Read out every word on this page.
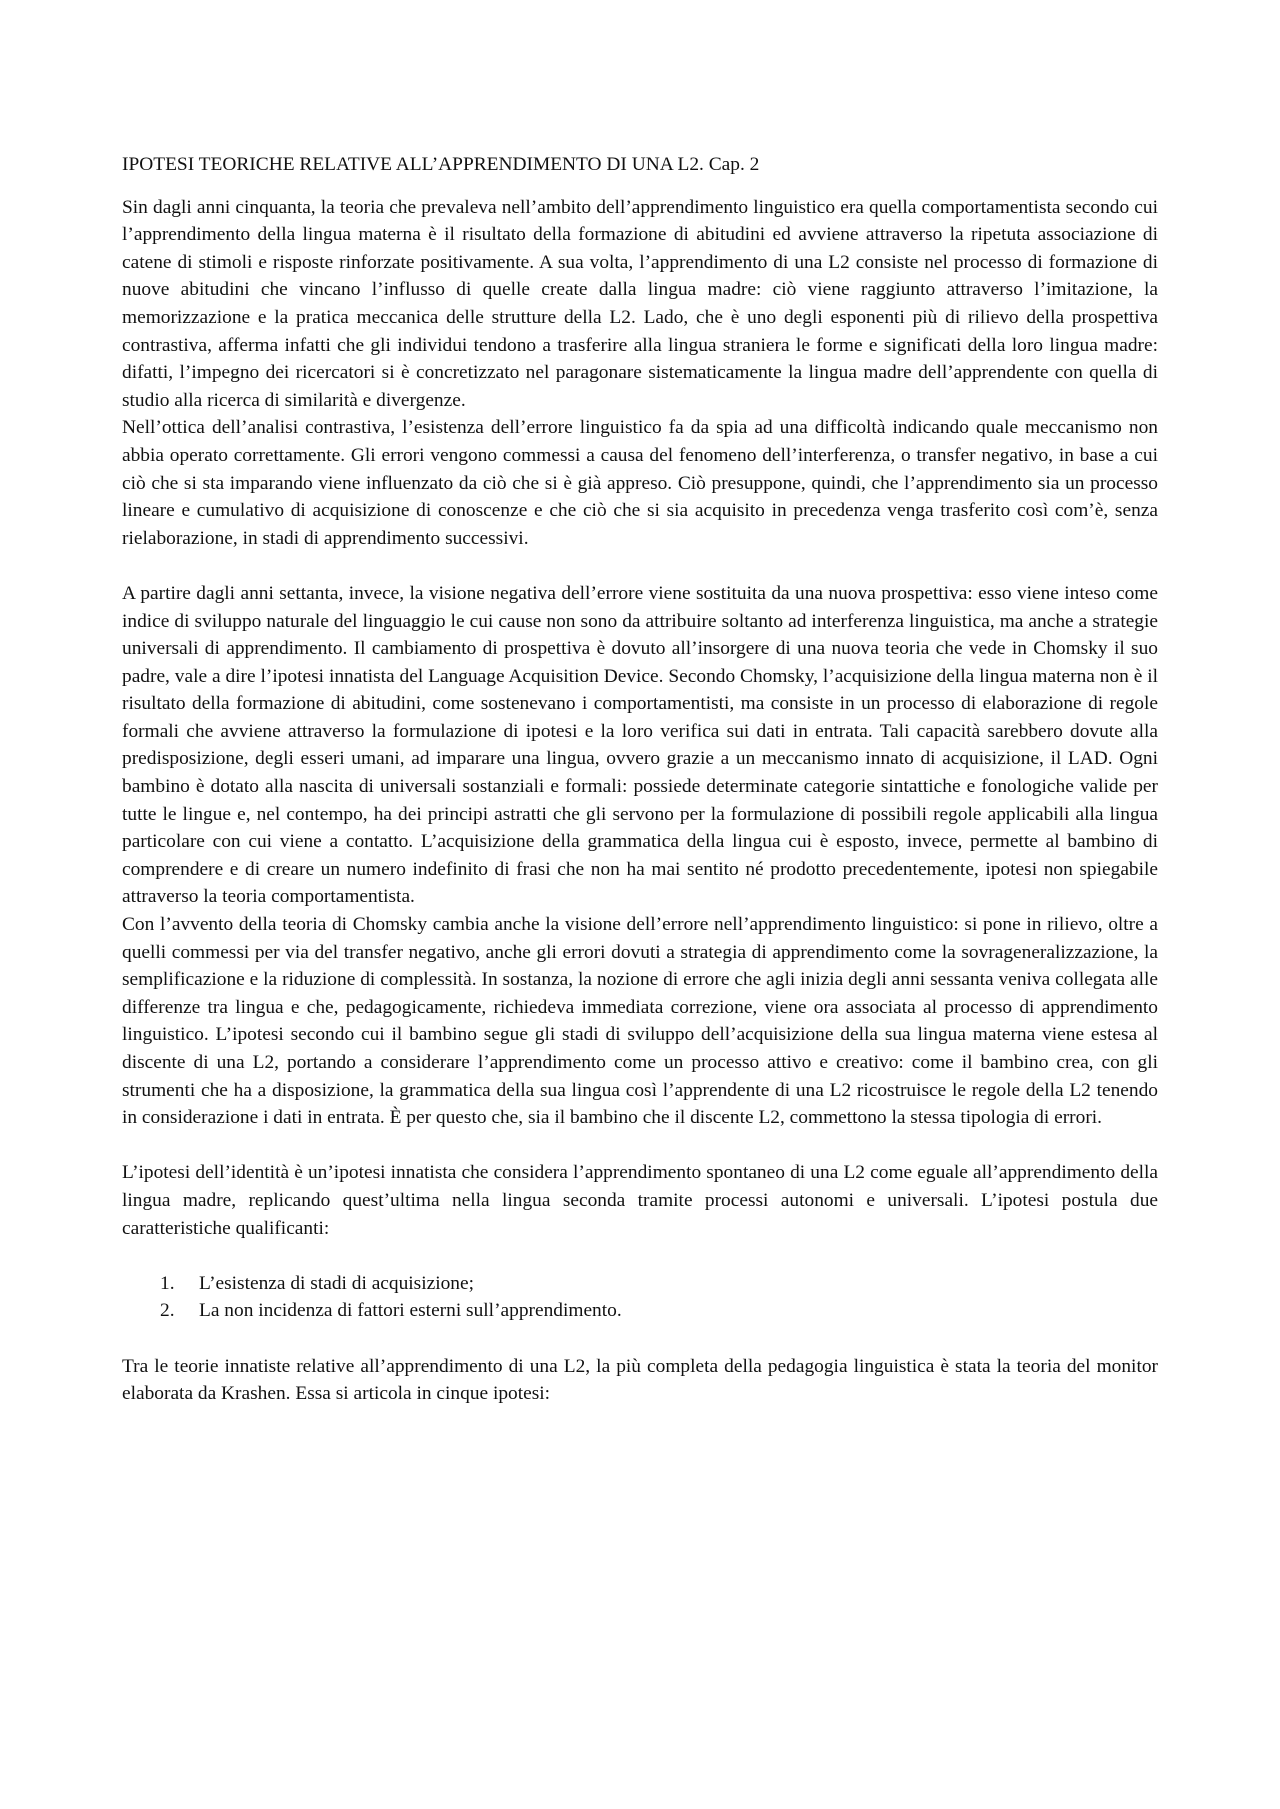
IPOTESI TEORICHE RELATIVE ALL’APPRENDIMENTO DI UNA L2. Cap. 2

Sin dagli anni cinquanta, la teoria che prevaleva nell’ambito dell’apprendimento linguistico era quella comportamentista secondo cui l’apprendimento della lingua materna è il risultato della formazione di abitudini ed avviene attraverso la ripetuta associazione di catene di stimoli e risposte rinforzate positivamente. A sua volta, l’apprendimento di una L2 consiste nel processo di formazione di nuove abitudini che vincano l’influsso di quelle create dalla lingua madre: ciò viene raggiunto attraverso l’imitazione, la memorizzazione e la pratica meccanica delle strutture della L2. Lado, che è uno degli esponenti più di rilievo della prospettiva contrastiva, afferma infatti che gli individui tendono a trasferire alla lingua straniera le forme e significati della loro lingua madre: difatti, l’impegno dei ricercatori si è concretizzato nel paragonare sistematicamente la lingua madre dell’apprendente con quella di studio alla ricerca di similarità e divergenze.

Nell’ottica dell’analisi contrastiva, l’esistenza dell’errore linguistico fa da spia ad una difficoltà indicando quale meccanismo non abbia operato correttamente. Gli errori vengono commessi a causa del fenomeno dell’interferenza, o transfer negativo, in base a cui ciò che si sta imparando viene influenzato da ciò che si è già appreso. Ciò presuppone, quindi, che l’apprendimento sia un processo lineare e cumulativo di acquisizione di conoscenze e che ciò che si sia acquisito in precedenza venga trasferito così com’è, senza rielaborazione, in stadi di apprendimento successivi.

A partire dagli anni settanta, invece, la visione negativa dell’errore viene sostituita da una nuova prospettiva: esso viene inteso come indice di sviluppo naturale del linguaggio le cui cause non sono da attribuire soltanto ad interferenza linguistica, ma anche a strategie universali di apprendimento. Il cambiamento di prospettiva è dovuto all’insorgere di una nuova teoria che vede in Chomsky il suo padre, vale a dire l’ipotesi innatista del Language Acquisition Device. Secondo Chomsky, l’acquisizione della lingua materna non è il risultato della formazione di abitudini, come sostenevano i comportamentisti, ma consiste in un processo di elaborazione di regole formali che avviene attraverso la formulazione di ipotesi e la loro verifica sui dati in entrata. Tali capacità sarebbero dovute alla predisposizione, degli esseri umani, ad imparare una lingua, ovvero grazie a un meccanismo innato di acquisizione, il LAD. Ogni bambino è dotato alla nascita di universali sostanziali e formali: possiede determinate categorie sintattiche e fonologiche valide per tutte le lingue e, nel contempo, ha dei principi astratti che gli servono per la formulazione di possibili regole applicabili alla lingua particolare con cui viene a contatto. L’acquisizione della grammatica della lingua cui è esposto, invece, permette al bambino di comprendere e di creare un numero indefinito di frasi che non ha mai sentito né prodotto precedentemente, ipotesi non spiegabile attraverso la teoria comportamentista.

Con l’avvento della teoria di Chomsky cambia anche la visione dell’errore nell’apprendimento linguistico: si pone in rilievo, oltre a quelli commessi per via del transfer negativo, anche gli errori dovuti a strategia di apprendimento come la sovrageneralizzazione, la semplificazione e la riduzione di complessità. In sostanza, la nozione di errore che agli inizia degli anni sessanta veniva collegata alle differenze tra lingua e che, pedagogicamente, richiedeva immediata correzione, viene ora associata al processo di apprendimento linguistico. L’ipotesi secondo cui il bambino segue gli stadi di sviluppo dell’acquisizione della sua lingua materna viene estesa al discente di una L2, portando a considerare l’apprendimento come un processo attivo e creativo: come il bambino crea, con gli strumenti che ha a disposizione, la grammatica della sua lingua così l’apprendente di una L2 ricostruisce le regole della L2 tenendo in considerazione i dati in entrata. È per questo che, sia il bambino che il discente L2, commettono la stessa tipologia di errori.

L’ipotesi dell’identità è un’ipotesi innatista che considera l’apprendimento spontaneo di una L2 come eguale all’apprendimento della lingua madre, replicando quest’ultima nella lingua seconda tramite processi autonomi e universali. L’ipotesi postula due caratteristiche qualificanti:

1. L’esistenza di stadi di acquisizione;
2. La non incidenza di fattori esterni sull’apprendimento.

Tra le teorie innatiste relative all’apprendimento di una L2, la più completa della pedagogia linguistica è stata la teoria del monitor elaborata da Krashen. Essa si articola in cinque ipotesi:
